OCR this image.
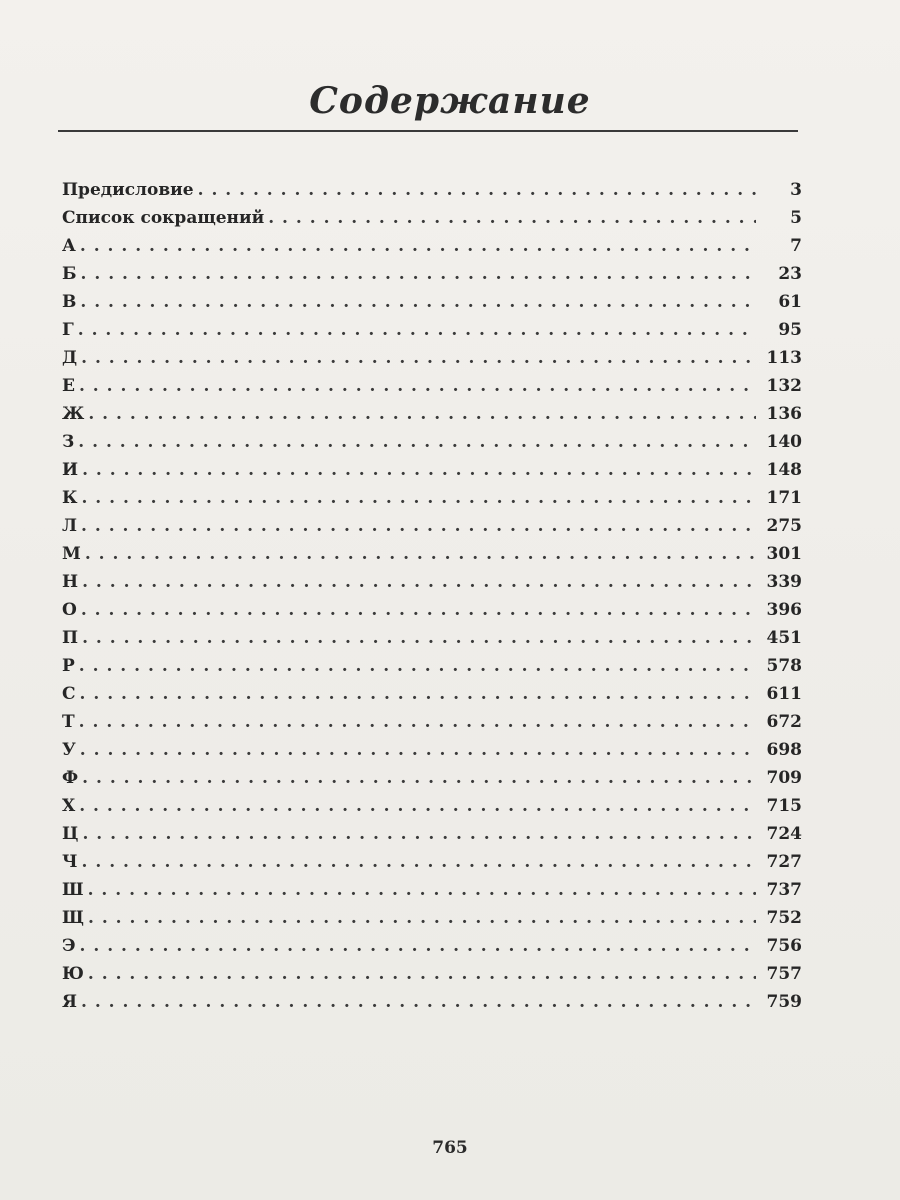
Содержание
Предисловие . . .	3
Список сокращений . . .	5
А . . .	7
Б . . .	23
В . . .	61
Г . . .	95
Д . . .	113
Е . . .	132
Ж . . .	136
З . . .	140
И . . .	148
К . . .	171
Л . . .	275
М . . .	301
Н . . .	339
О . . .	396
П . . .	451
Р . . .	578
С . . .	611
Т . . .	672
У . . .	698
Ф . . .	709
Х . . .	715
Ц . . .	724
Ч . . .	727
Ш . . .	737
Щ . . .	752
Э . . .	756
Ю . . .	757
Я . . .	759
765
